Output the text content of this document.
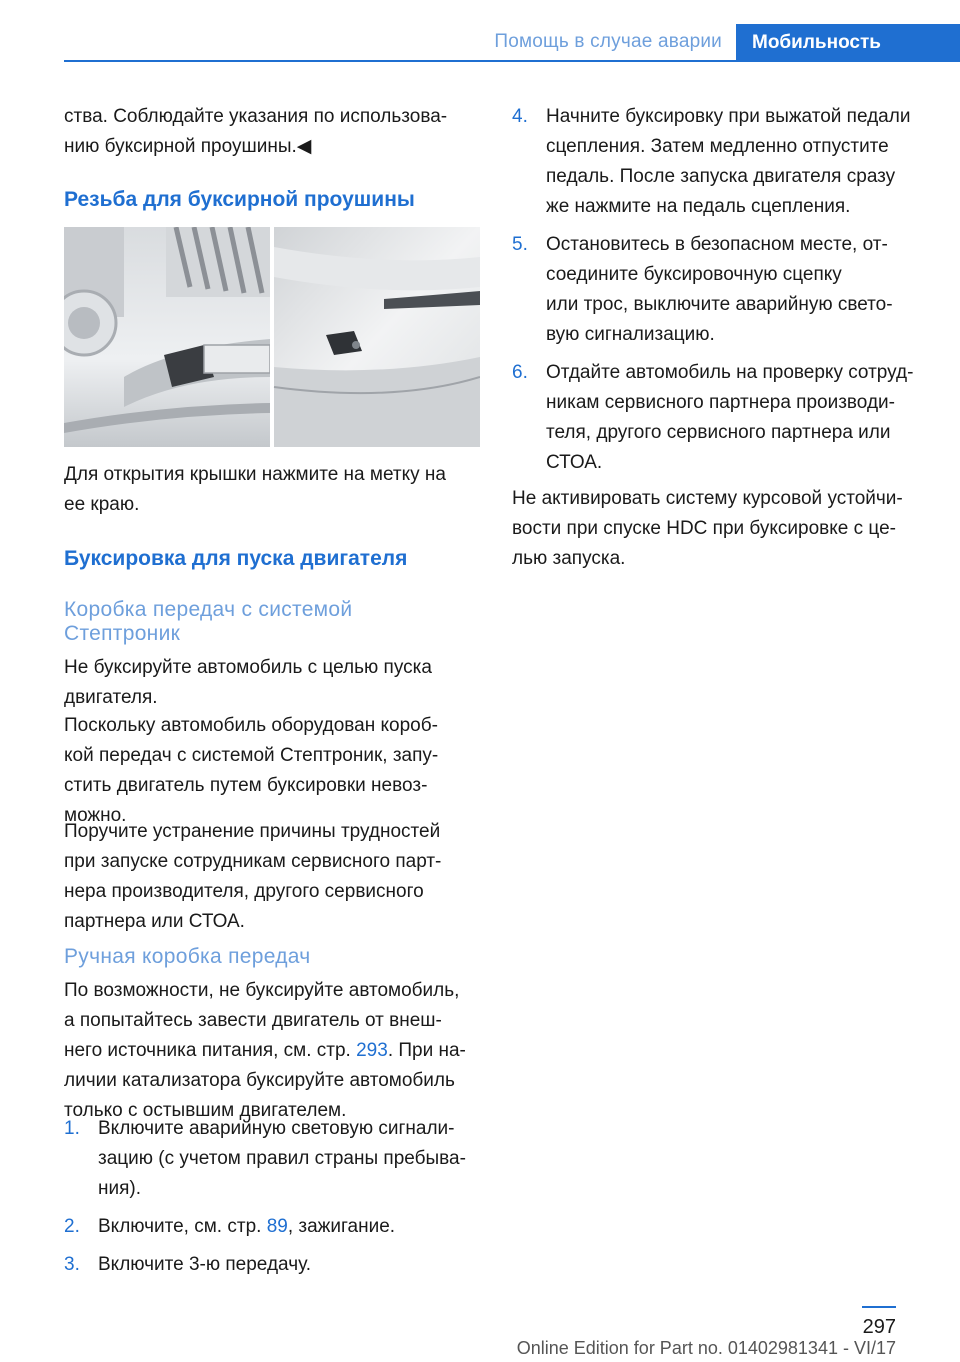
Помощь в случае аварии	Мобильность

ства. Соблюдайте указания по использова‐

нию буксирной проушины.◀

Резьба для буксирной проушины

Для открытия крышки нажмите на метку на

ее краю.

Буксировка для пуска двигателя
Коробка передач с системой
Стептроник

Не буксируйте автомобиль с целью пуска

двигателя.

Поскольку автомобиль оборудован короб‐

кой передач с системой Стептроник, запу‐

стить двигатель путем буксировки невоз‐

можно.

Поручите устранение причины трудностей

при запуске сотрудникам сервисного парт‐

нера производителя, другого сервисного

партнера или СТОА.

Ручная коробка передач

По возможности, не буксируйте автомобиль,

а попытайтесь завести двигатель от внеш‐

него источника питания, см. стр. 293. При на‐

личии катализатора буксируйте автомобиль

только с остывшим двигателем.

1. Включите аварийную световую сигнали‐
зацию (с учетом правил страны пребыва‐
ния).
2. Включите, см. стр. 89, зажигание.
3. Включите 3-ю передачу.
4. Начните буксировку при выжатой педали
сцепления. Затем медленно отпустите
педаль. После запуска двигателя сразу
же нажмите на педаль сцепления.
5. Остановитесь в безопасном месте, от‐
соедините буксировочную сцепку
или трос, выключите аварийную свето‐
вую сигнализацию.
6. Отдайте автомобиль на проверку сотруд‐
никам сервисного партнера производи‐
теля, другого сервисного партнера или
СТОА.

Не активировать систему курсовой устойчи‐

вости при спуске HDC при буксировке с це‐

лью запуска.

297
Online Edition for Part no. 01402981341 - VI/17
